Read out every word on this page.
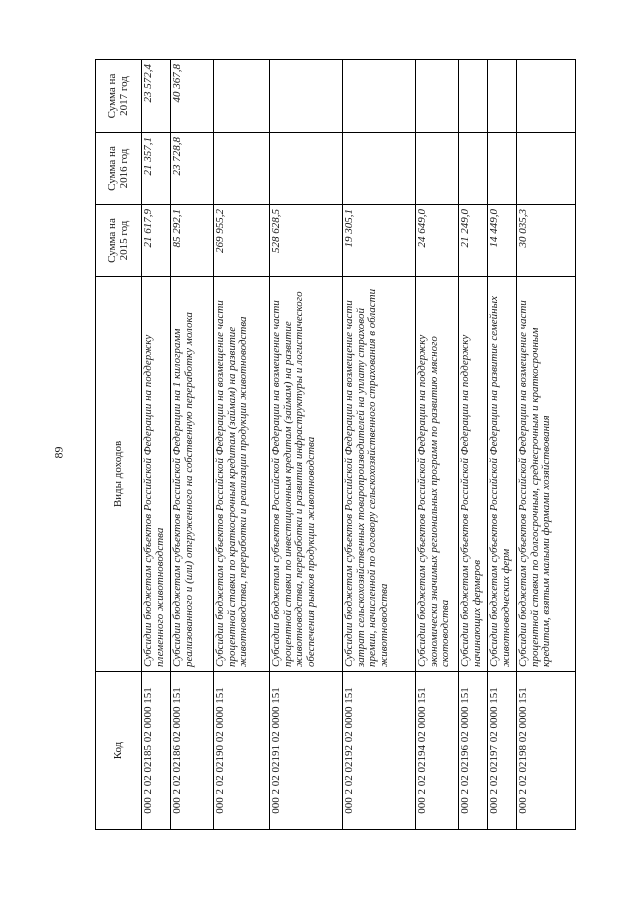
89
Код	Виды доходов	Сумма на 2015 год	Сумма на 2016 год	Сумма на 2017 год
000 2 02 02185 02 0000 151	Субсидии бюджетам субъектов Российской Федерации на поддержку племенного животноводства	21 617,9	21 357,1	23 572,4
000 2 02 02186 02 0000 151	Субсидии бюджетам субъектов Российской Федерации на 1 килограмм реализованного и (или) отгруженного на собственную переработку молока	85 292,1	23 728,8	40 367,8
000 2 02 02190 02 0000 151	Субсидии бюджетам субъектов Российской Федерации на возмещение части процентной ставки по краткосрочным кредитам (займам) на развитие животноводства, переработки и реализации продукции животноводства	269 955,2		
000 2 02 02191 02 0000 151	Субсидии бюджетам субъектов Российской Федерации на возмещение части процентной ставки по инвестиционным кредитам (займам) на развитие животноводства, переработки и развития инфраструктуры и логистического обеспечения рынков продукции животноводства	528 628,5		
000 2 02 02192 02 0000 151	Субсидии бюджетам субъектов Российской Федерации на возмещение части затрат сельскохозяйственных товаропроизводителей на уплату страховой премии, начисленной по договору сельскохозяйственного страхования в области животноводства	19 305,1		
000 2 02 02194 02 0000 151	Субсидии бюджетам субъектов Российской Федерации на поддержку экономически значимых региональных программ по развитию мясного скотоводства	24 649,0		
000 2 02 02196 02 0000 151	Субсидии бюджетам субъектов Российской Федерации на поддержку начинающих фермеров	21 249,0		
000 2 02 02197 02 0000 151	Субсидии бюджетам субъектов Российской Федерации на развитие семейных животноводческих ферм	14 449,0		
000 2 02 02198 02 0000 151	Субсидии бюджетам субъектов Российской Федерации на возмещение части процентной ставки по долгосрочным, среднесрочным и краткосрочным кредитам, взятым малыми формами хозяйствования	30 035,3		
